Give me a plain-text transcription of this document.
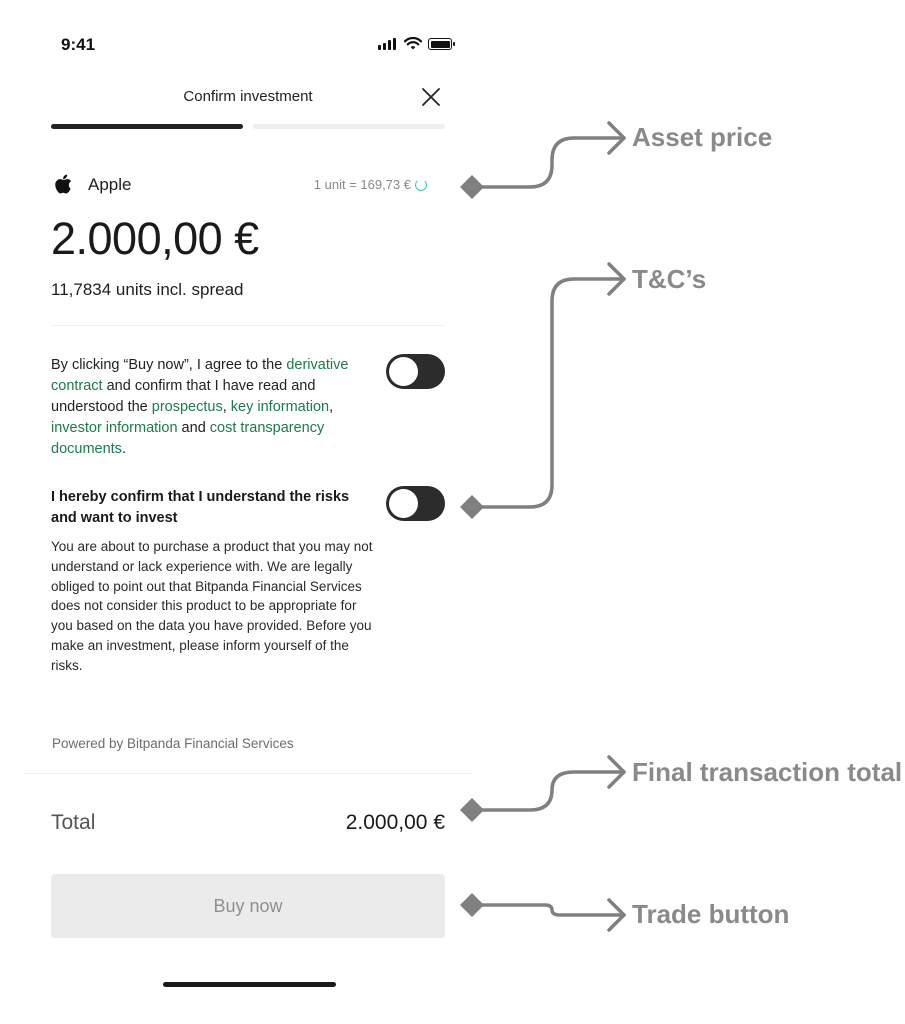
9:41
Confirm investment
Apple	1 unit = 169,73 €
2.000,00 €
11,7834 units incl. spread
By clicking “Buy now”, I agree to the derivative contract and confirm that I have read and understood the prospectus, key information, investor information and cost transparency documents.
I hereby confirm that I understand the risks and want to invest
You are about to purchase a product that you may not understand or lack experience with. We are legally obliged to point out that Bitpanda Financial Services does not consider this product to be appropriate for you based on the data you have provided. Before you make an investment, please inform yourself of the risks.
Powered by Bitpanda Financial Services
Total	2.000,00 €
Buy now
Asset price
T&C’s
Final transaction total
Trade button
